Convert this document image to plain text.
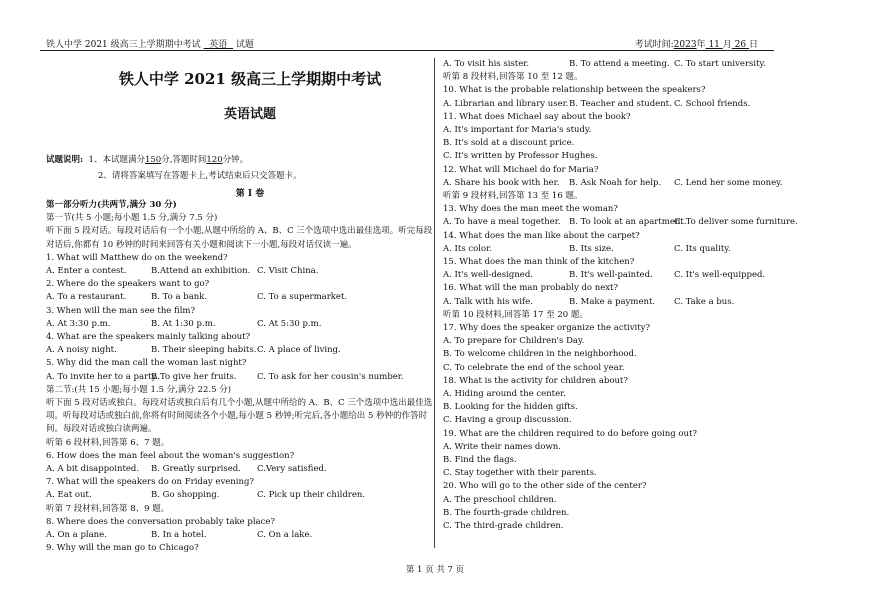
铁人中学 2021 级高三上学期期中考试 英语 试题	考试时间:2023年 11 月 26 日
铁人中学 2021 级高三上学期期中考试
英语试题
试题说明: 1、本试题满分150分,答题时间120分钟。
2、请将答案填写在答题卡上,考试结束后只交答题卡。
第 I 卷
第一部分听力(共两节,满分 30 分)
第一节(共 5 小题;每小题 1.5 分,满分 7.5 分)
听下面 5 段对话。每段对话后有一个小题,从题中所给的 A、B、C 三个选项中选出最佳选项。听完每段对话后,你都有 10 秒钟的时间来回答有关小题和阅读下一小题,每段对话仅读一遍。
1. What will Matthew do on the weekend?
A. Enter a contest.	B.Attend an exhibition. C. Visit China.
2. Where do the speakers want to go?
A. To a restaurant.	B. To a bank.	C. To a supermarket.
3. When will the man see the film?
A. At 3:30 p.m.	B. At 1:30 p.m.	C. At 5:30 p.m.
4. What are the speakers mainly talking about?
A. A noisy night.	B. Their sleeping habits. C. A place of living.
5. Why did the man call the woman last night?
A. To invite her to a party.
B.To give her fruits. C. To ask for her cousin's number.
第二节:(共 15 小题;每小题 1.5 分,满分 22.5 分)
听下面 5 段对话或独白。每段对话或独白后有几个小题,从题中所给的 A、B、C 三个选项中选出最佳选项。听每段对话或独白前,你将有时间阅读各个小题,每小题 5 秒钟;听完后,各小题给出 5 秒钟的作答时间。每段对话或独白读两遍。
听第 6 段材料,回答第 6、7 题。
6. How does the man feel about the woman's suggestion?
A. A bit disappointed. B. Greatly surprised. C.Very satisfied.
7. What will the speakers do on Friday evening?
A. Eat out.	B. Go shopping.	C. Pick up their children.
听第 7 段材料,回答第 8、9 题。
8. Where does the conversation probably take place?
A. On a plane.	B. In a hotel.	C. On a lake.
9. Why will the man go to Chicago?
A. To visit his sister.	B. To attend a meeting. C. To start university.
听第 8 段材料,回答第 10 至 12 题。
10. What is the probable relationship between the speakers?
A. Librarian and library user. B. Teacher and student. C. School friends.
11. What does Michael say about the book?
A. It's important for Maria's study.
B. It's sold at a discount price.
C. It's written by Professor Hughes.
12. What will Michael do for Maria?
A. Share his book with her. B. Ask Noah for help. C. Lend her some money.
听第 9 段材料,回答第 13 至 16 题。
13. Why does the man meet the woman?
A. To have a meal together. B. To look at an apartment.
C. To deliver some furniture.
14. What does the man like about the carpet?
A. Its color.	B. Its size.	C. Its quality.
15. What does the man think of the kitchen?
A. It's well-designed.	B. It's well-painted.	C. It's well-equipped.
16. What will the man probably do next?
A. Talk with his wife.	B. Make a payment. C. Take a bus.
听第 10 段材料,回答第 17 至 20 题。
17. Why does the speaker organize the activity?
A. To prepare for Children's Day.
B. To welcome children in the neighborhood.
C. To celebrate the end of the school year.
18. What is the activity for children about?
A. Hiding around the center.
B. Looking for the hidden gifts.
C. Having a group discussion.
19. What are the children required to do before going out?
A. Write their names down.
B. Find the flags.
C. Stay together with their parents.
20. Who will go to the other side of the center?
A. The preschool children.
B. The fourth-grade children.
C. The third-grade children.
第 1 页 共 7 页
